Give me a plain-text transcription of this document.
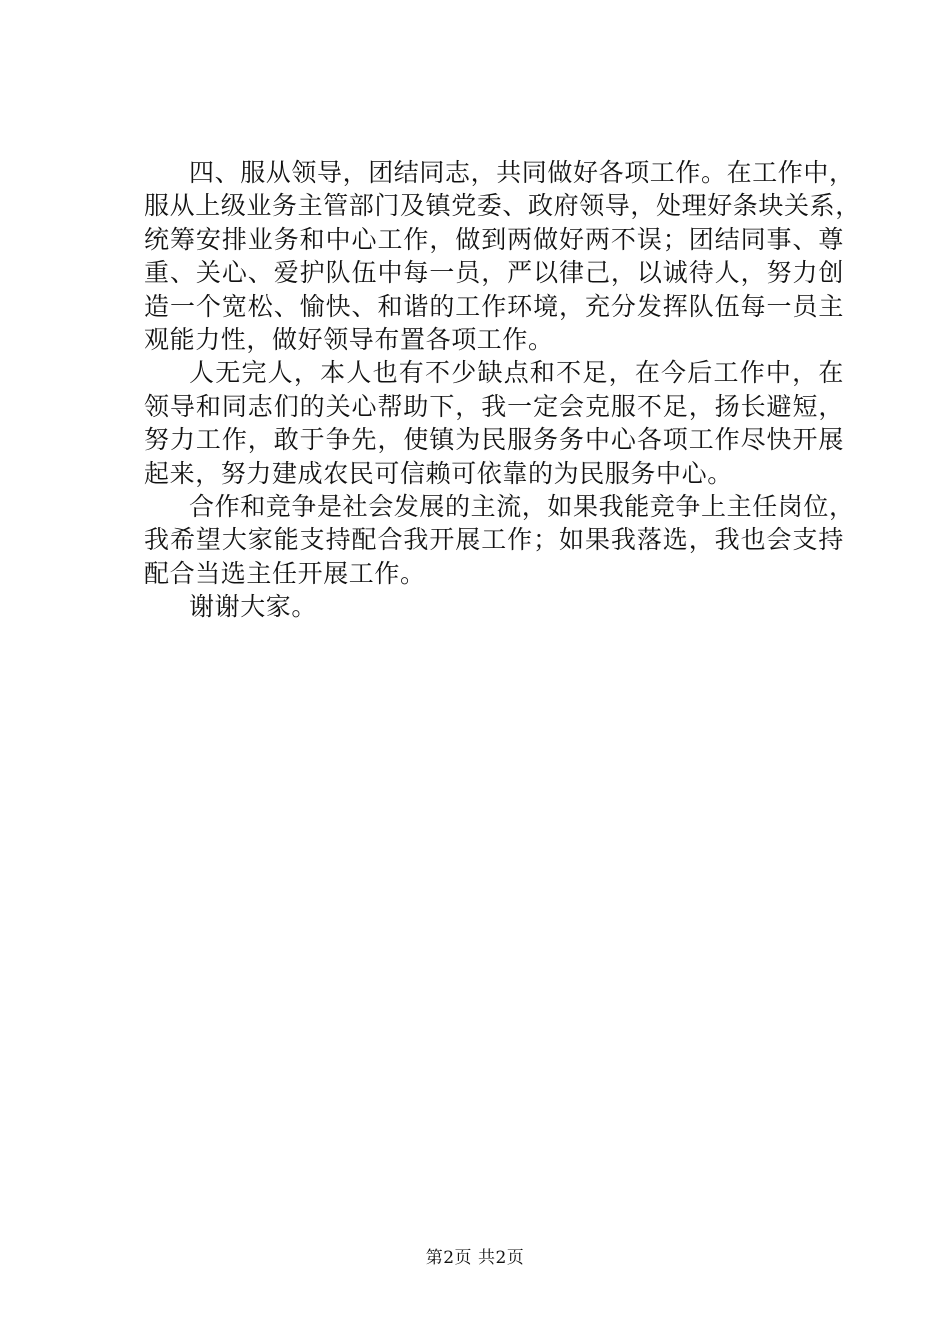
四、服从领导，团结同志，共同做好各项工作。在工作中，
服从上级业务主管部门及镇党委、政府领导，处理好条块关系，
统筹安排业务和中心工作，做到两做好两不误；团结同事、尊
重、关心、爱护队伍中每一员，严以律己，以诚待人，努力创
造一个宽松、愉快、和谐的工作环境，充分发挥队伍每一员主
观能力性，做好领导布置各项工作。
人无完人，本人也有不少缺点和不足，在今后工作中，在
领导和同志们的关心帮助下，我一定会克服不足，扬长避短，
努力工作，敢于争先，使镇为民服务务中心各项工作尽快开展
起来，努力建成农民可信赖可依靠的为民服务中心。
合作和竞争是社会发展的主流，如果我能竞争上主任岗位，
我希望大家能支持配合我开展工作；如果我落选，我也会支持
配合当选主任开展工作。
谢谢大家。
第2页 共2页
